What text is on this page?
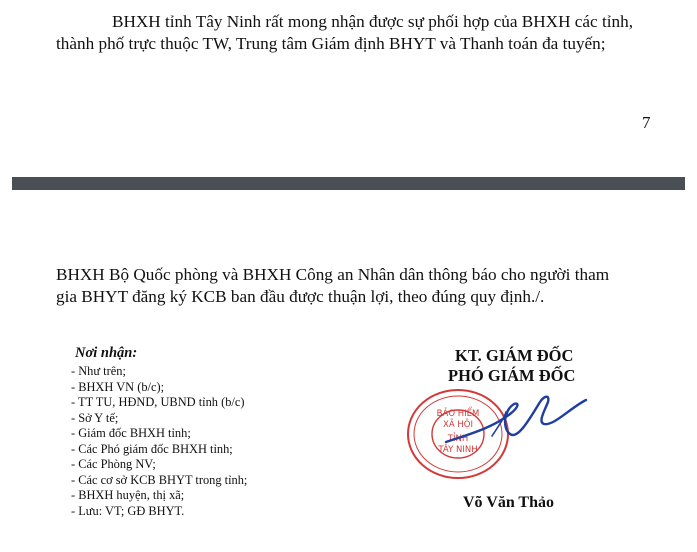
BHXH tỉnh Tây Ninh rất mong nhận được sự phối hợp của BHXH các tỉnh,

thành phố trực thuộc TW, Trung tâm Giám định BHYT và Thanh toán đa tuyến;

7

BHXH Bộ Quốc phòng và BHXH Công an Nhân dân thông báo cho người tham

gia BHYT đăng ký KCB ban đầu được thuận lợi, theo đúng quy định./.

Nơi nhận:
- Như trên;
- BHXH VN (b/c);
- TT TU, HĐND, UBND tỉnh (b/c)
- Sở Y tế;
- Giám đốc BHXH tỉnh;
- Các Phó giám đốc BHXH tỉnh;
- Các Phòng NV;
- Các cơ sở KCB BHYT trong tỉnh;
- BHXH huyện, thị xã;
- Lưu: VT; GĐ BHYT.
KT. GIÁM ĐỐC
PHÓ GIÁM ĐỐC
BẢO HIỂM
XÃ HỘI
TỈNH
TÂY NINH
Võ Văn Thảo
